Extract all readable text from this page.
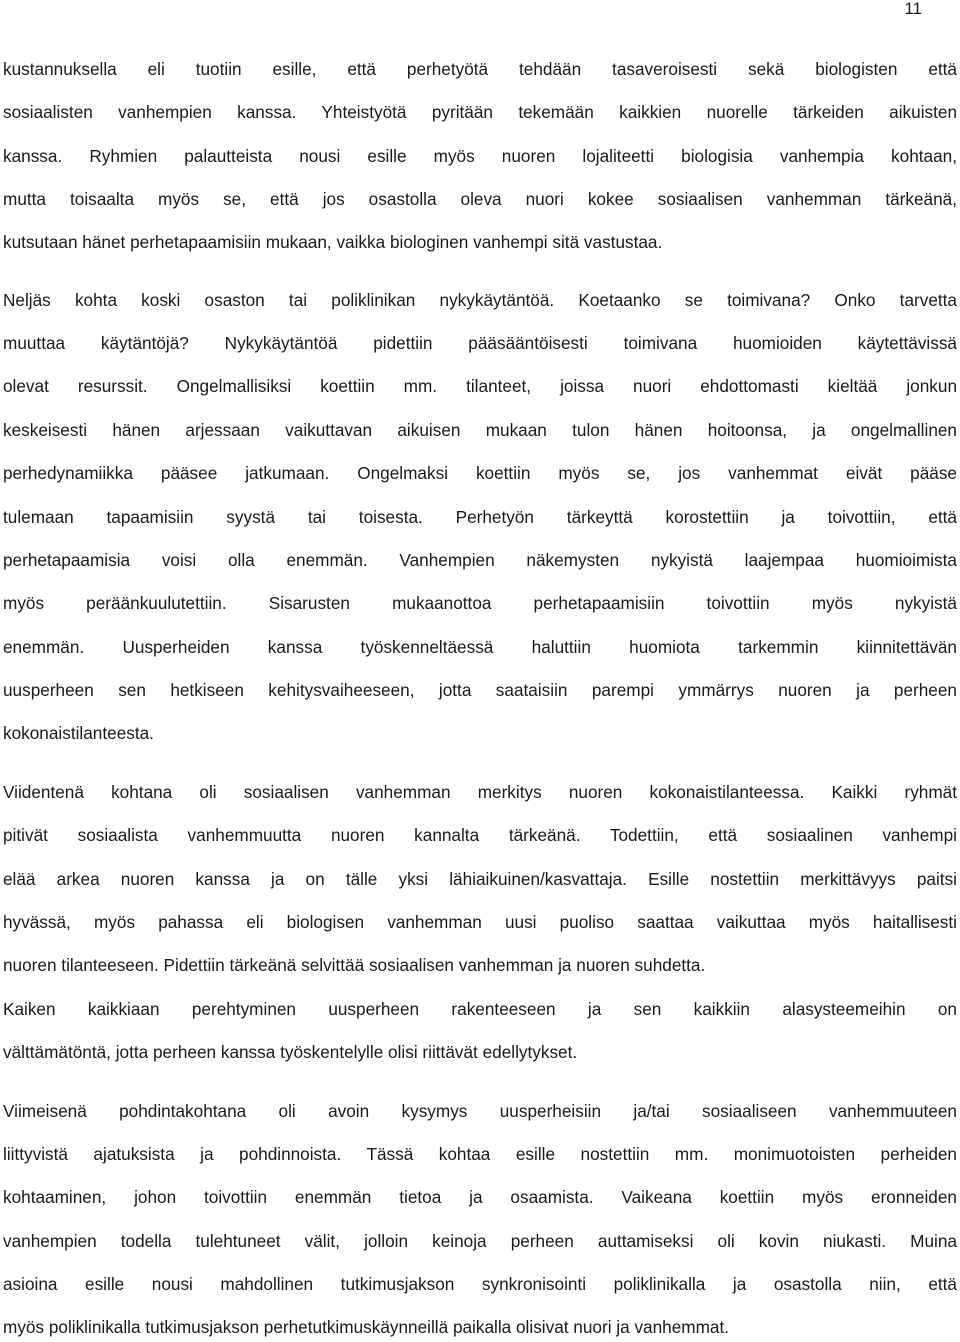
11
kustannuksella eli tuotiin esille, että perhetyötä tehdään tasaveroisesti sekä biologisten että
sosiaalisten vanhempien kanssa. Yhteistyötä pyritään tekemään kaikkien nuorelle tärkeiden aikuisten
kanssa. Ryhmien palautteista nousi esille myös nuoren lojaliteetti biologisia vanhempia kohtaan,
mutta toisaalta myös se, että jos osastolla oleva nuori kokee sosiaalisen vanhemman tärkeänä,
kutsutaan hänet perhetapaamisiin mukaan, vaikka biologinen vanhempi sitä vastustaa.
Neljäs kohta koski osaston tai poliklinikan nykykäytäntöä. Koetaanko se toimivana? Onko tarvetta
muuttaa käytäntöjä? Nykykäytäntöä pidettiin pääsääntöisesti toimivana huomioiden käytettävissä
olevat resurssit. Ongelmallisiksi koettiin mm. tilanteet, joissa nuori ehdottomasti kieltää jonkun
keskeisesti hänen arjessaan vaikuttavan aikuisen mukaan tulon hänen hoitoonsa, ja ongelmallinen
perhedynamiikka pääsee jatkumaan. Ongelmaksi koettiin myös se, jos vanhemmat eivät pääse
tulemaan tapaamisiin syystä tai toisesta. Perhetyön tärkeyttä korostettiin ja toivottiin, että
perhetapaamisia voisi olla enemmän. Vanhempien näkemysten nykyistä laajempaa huomioimista
myös peräänkuulutettiin. Sisarusten mukaanottoa perhetapaamisiin toivottiin myös nykyistä
enemmän. Uusperheiden kanssa työskenneltäessä haluttiin huomiota tarkemmin kiinnitettävän
uusperheen sen hetkiseen kehitysvaiheeseen, jotta saataisiin parempi ymmärrys nuoren ja perheen
kokonaistilanteesta.
Viidentenä kohtana oli sosiaalisen vanhemman merkitys nuoren kokonaistilanteessa. Kaikki ryhmät
pitivät sosiaalista vanhemmuutta nuoren kannalta tärkeänä. Todettiin, että sosiaalinen vanhempi
elää arkea nuoren kanssa ja on tälle yksi lähiaikuinen/kasvattaja. Esille nostettiin merkittävyys paitsi
hyvässä, myös pahassa eli biologisen vanhemman uusi puoliso saattaa vaikuttaa myös haitallisesti
nuoren tilanteeseen. Pidettiin tärkeänä selvittää sosiaalisen vanhemman ja nuoren suhdetta.
Kaiken kaikkiaan perehtyminen uusperheen rakenteeseen ja sen kaikkiin alasysteemeihin on
välttämätöntä, jotta perheen kanssa työskentelylle olisi riittävät edellytykset.
Viimeisenä pohdintakohtana oli avoin kysymys uusperheisiin ja/tai sosiaaliseen vanhemmuuteen
liittyvistä ajatuksista ja pohdinnoista. Tässä kohtaa esille nostettiin mm. monimuotoisten perheiden
kohtaaminen, johon toivottiin enemmän tietoa ja osaamista. Vaikeana koettiin myös eronneiden
vanhempien todella tulehtuneet välit, jolloin keinoja perheen auttamiseksi oli kovin niukasti. Muina
asioina esille nousi mahdollinen tutkimusjakson synkronisointi poliklinikalla ja osastolla niin, että
myös poliklinikalla tutkimusjakson perhetutkimuskäynneillä paikalla olisivat nuori ja vanhemmat.
